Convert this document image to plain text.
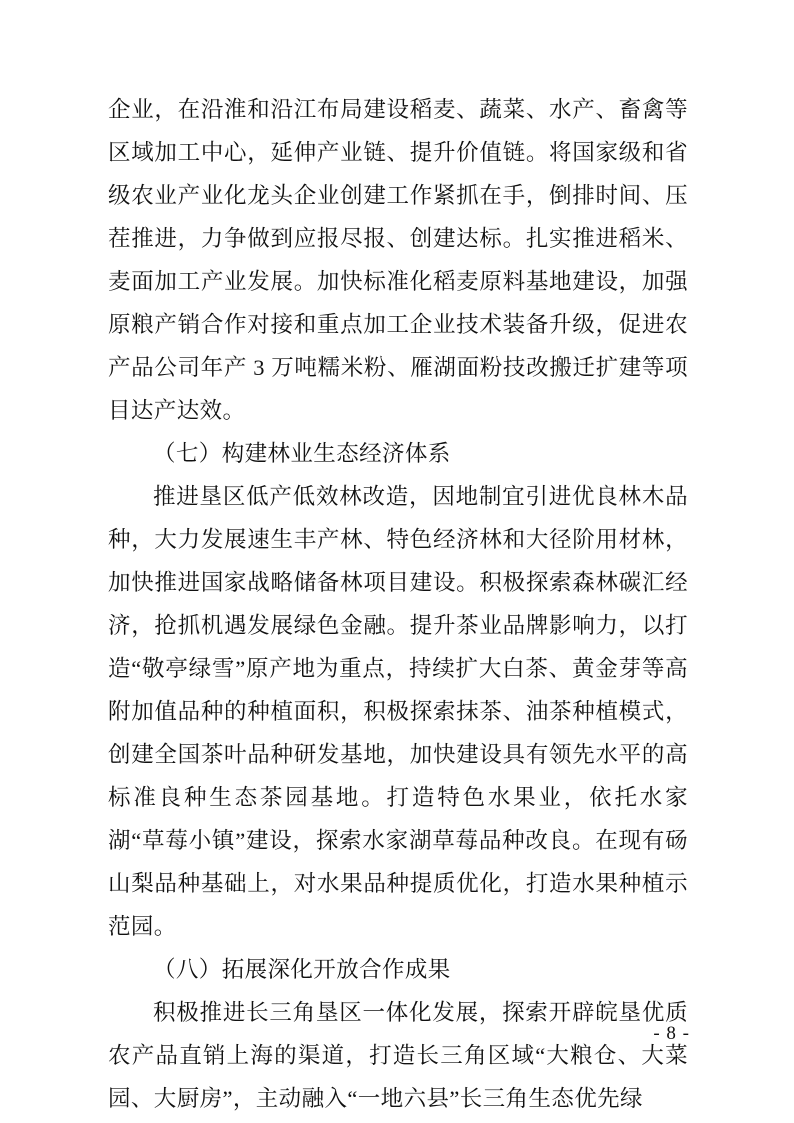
企业，在沿淮和沿江布局建设稻麦、蔬菜、水产、畜禽等区域加工中心，延伸产业链、提升价值链。将国家级和省级农业产业化龙头企业创建工作紧抓在手，倒排时间、压茬推进，力争做到应报尽报、创建达标。扎实推进稻米、麦面加工产业发展。加快标准化稻麦原料基地建设，加强原粮产销合作对接和重点加工企业技术装备升级，促进农产品公司年产 3 万吨糯米粉、雁湖面粉技改搬迁扩建等项目达产达效。

（七）构建林业生态经济体系

推进垦区低产低效林改造，因地制宜引进优良林木品种，大力发展速生丰产林、特色经济林和大径阶用材林，加快推进国家战略储备林项目建设。积极探索森林碳汇经济，抢抓机遇发展绿色金融。提升茶业品牌影响力，以打造“敬亭绿雪”原产地为重点，持续扩大白茶、黄金芽等高附加值品种的种植面积，积极探索抹茶、油茶种植模式，创建全国茶叶品种研发基地，加快建设具有领先水平的高标准良种生态茶园基地。打造特色水果业，依托水家湖“草莓小镇”建设，探索水家湖草莓品种改良。在现有砀山梨品种基础上，对水果品种提质优化，打造水果种植示范园。

（八）拓展深化开放合作成果

积极推进长三角垦区一体化发展，探索开辟皖垦优质农产品直销上海的渠道，打造长三角区域“大粮仓、大菜园、大厨房”，主动融入“一地六县”长三角生态优先绿

- 8 -
